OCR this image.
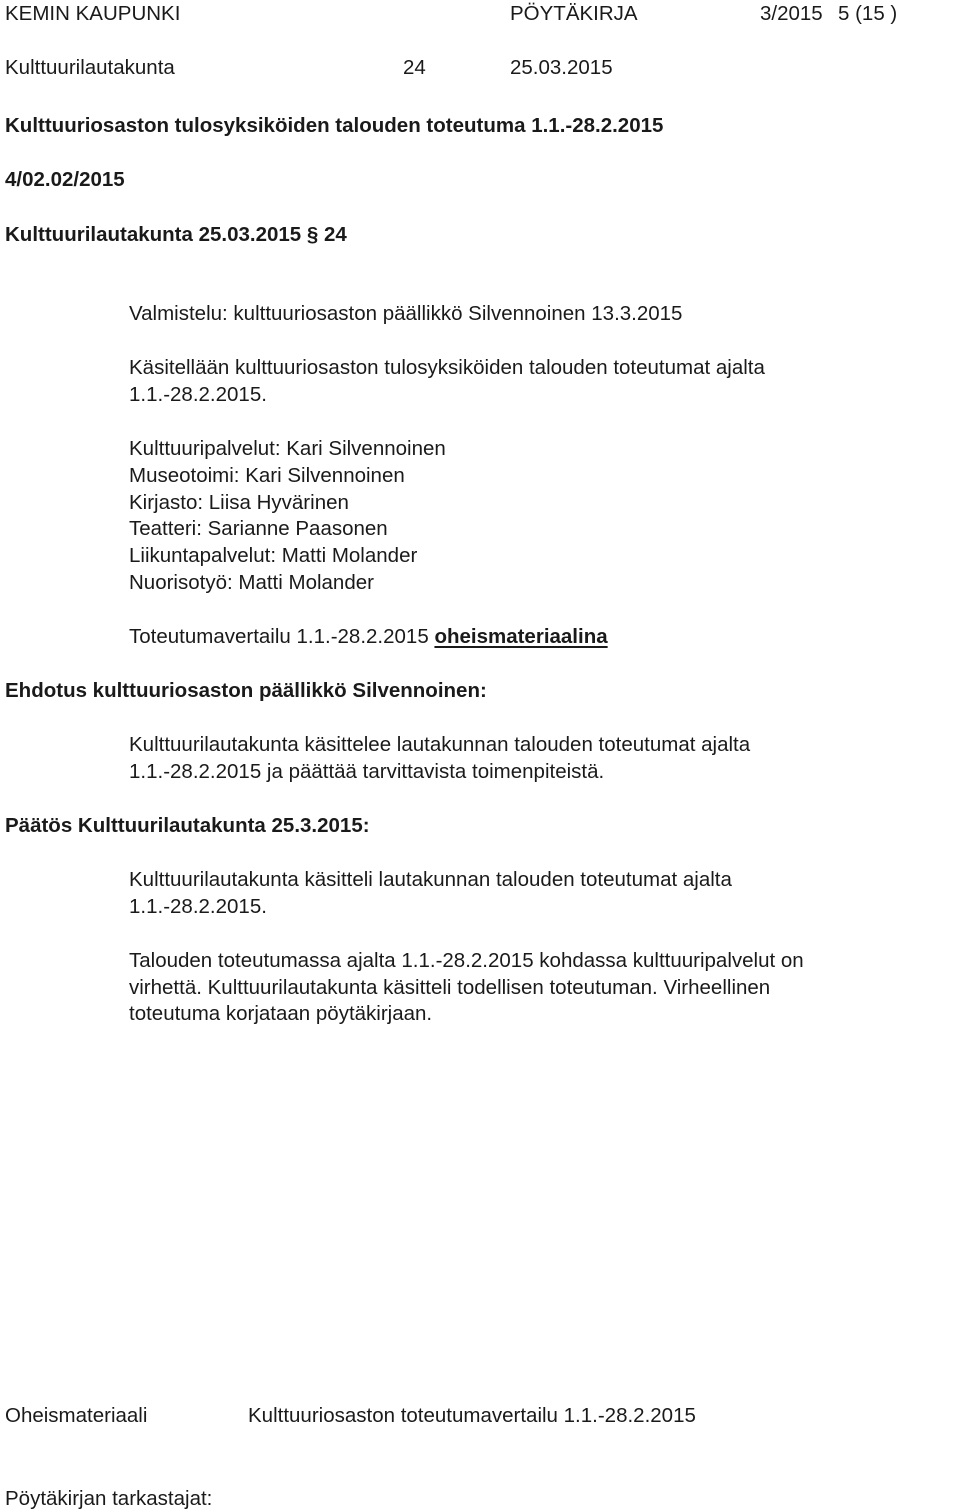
KEMIN KAUPUNKI	PÖYTÄKIRJA	3/2015 5 (15 )
Kulttuurilautakunta	24	25.03.2015
Kulttuuriosaston tulosyksiköiden talouden toteutuma 1.1.-28.2.2015
4/02.02/2015
Kulttuurilautakunta 25.03.2015 § 24
Valmistelu: kulttuuriosaston päällikkö Silvennoinen 13.3.2015
Käsitellään kulttuuriosaston tulosyksiköiden talouden toteutumat ajalta
1.1.-28.2.2015.
Kulttuuripalvelut: Kari Silvennoinen
Museotoimi: Kari Silvennoinen
Kirjasto: Liisa Hyvärinen
Teatteri: Sarianne Paasonen
Liikuntapalvelut: Matti Molander
Nuorisotyö: Matti Molander
Toteutumavertailu 1.1.-28.2.2015 oheismateriaalina
Ehdotus kulttuuriosaston päällikkö Silvennoinen:
Kulttuurilautakunta käsittelee lautakunnan talouden toteutumat ajalta
1.1.-28.2.2015 ja päättää tarvittavista toimenpiteistä.
Päätös Kulttuurilautakunta 25.3.2015:
Kulttuurilautakunta käsitteli lautakunnan talouden toteutumat ajalta
1.1.-28.2.2015.
Talouden toteutumassa ajalta 1.1.-28.2.2015 kohdassa kulttuuripalvelut on
virhettä. Kulttuurilautakunta käsitteli todellisen toteutuman. Virheellinen
toteutuma korjataan pöytäkirjaan.
Oheismateriaali	Kulttuuriosaston toteutumavertailu 1.1.-28.2.2015
Pöytäkirjan tarkastajat:
